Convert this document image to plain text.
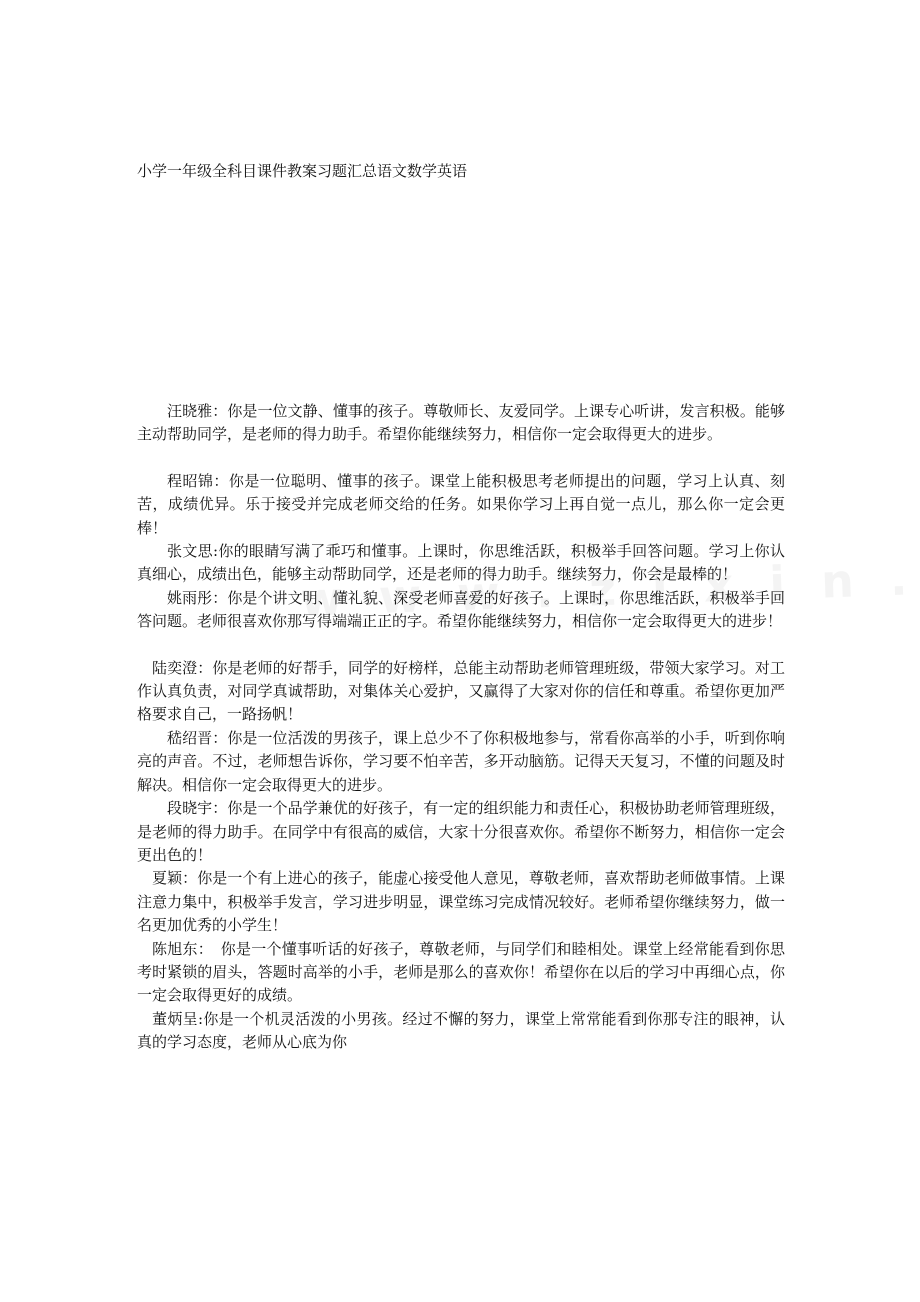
小学一年级全科目课件教案习题汇总语文数学英语

汪晓雅：你是一位文静、懂事的孩子。尊敬师长、友爱同学。上课专心听讲，发言积极。能够主动帮助同学，是老师的得力助手。希望你能继续努力，相信你一定会取得更大的进步。

程昭锦：你是一位聪明、懂事的孩子。课堂上能积极思考老师提出的问题，学习上认真、刻苦，成绩优异。乐于接受并完成老师交给的任务。如果你学习上再自觉一点儿，那么你一定会更棒！

张文思:你的眼睛写满了乖巧和懂事。上课时，你思维活跃，积极举手回答问题。学习上你认真细心，成绩出色，能够主动帮助同学，还是老师的得力助手。继续努力，你会是最棒的！

姚雨彤：你是个讲文明、懂礼貌、深受老师喜爱的好孩子。上课时，你思维活跃，积极举手回答问题。老师很喜欢你那写得端端正正的字。希望你能继续努力，相信你一定会取得更大的进步！

陆奕澄：你是老师的好帮手，同学的好榜样，总能主动帮助老师管理班级，带领大家学习。对工作认真负责，对同学真诚帮助，对集体关心爱护，又赢得了大家对你的信任和尊重。希望你更加严格要求自己，一路扬帆！

嵇绍晋：你是一位活泼的男孩子，课上总少不了你积极地参与，常看你高举的小手，听到你响亮的声音。不过，老师想告诉你，学习要不怕辛苦，多开动脑筋。记得天天复习，不懂的问题及时解决。相信你一定会取得更大的进步。

段晓宇：你是一个品学兼优的好孩子，有一定的组织能力和责任心，积极协助老师管理班级，是老师的得力助手。在同学中有很高的威信，大家十分很喜欢你。希望你不断努力，相信你一定会更出色的！

夏颖：你是一个有上进心的孩子，能虚心接受他人意见，尊敬老师，喜欢帮助老师做事情。上课注意力集中，积极举手发言，学习进步明显，课堂练习完成情况较好。老师希望你继续努力，做一名更加优秀的小学生！

陈旭东：　你是一个懂事听话的好孩子，尊敬老师，与同学们和睦相处。课堂上经常能看到你思考时紧锁的眉头，答题时高举的小手，老师是那么的喜欢你！希望你在以后的学习中再细心点，你一定会取得更好的成绩。

董炳呈:你是一个机灵活泼的小男孩。经过不懈的努力，课堂上常常能看到你那专注的眼神，认真的学习态度，老师从心底为你
